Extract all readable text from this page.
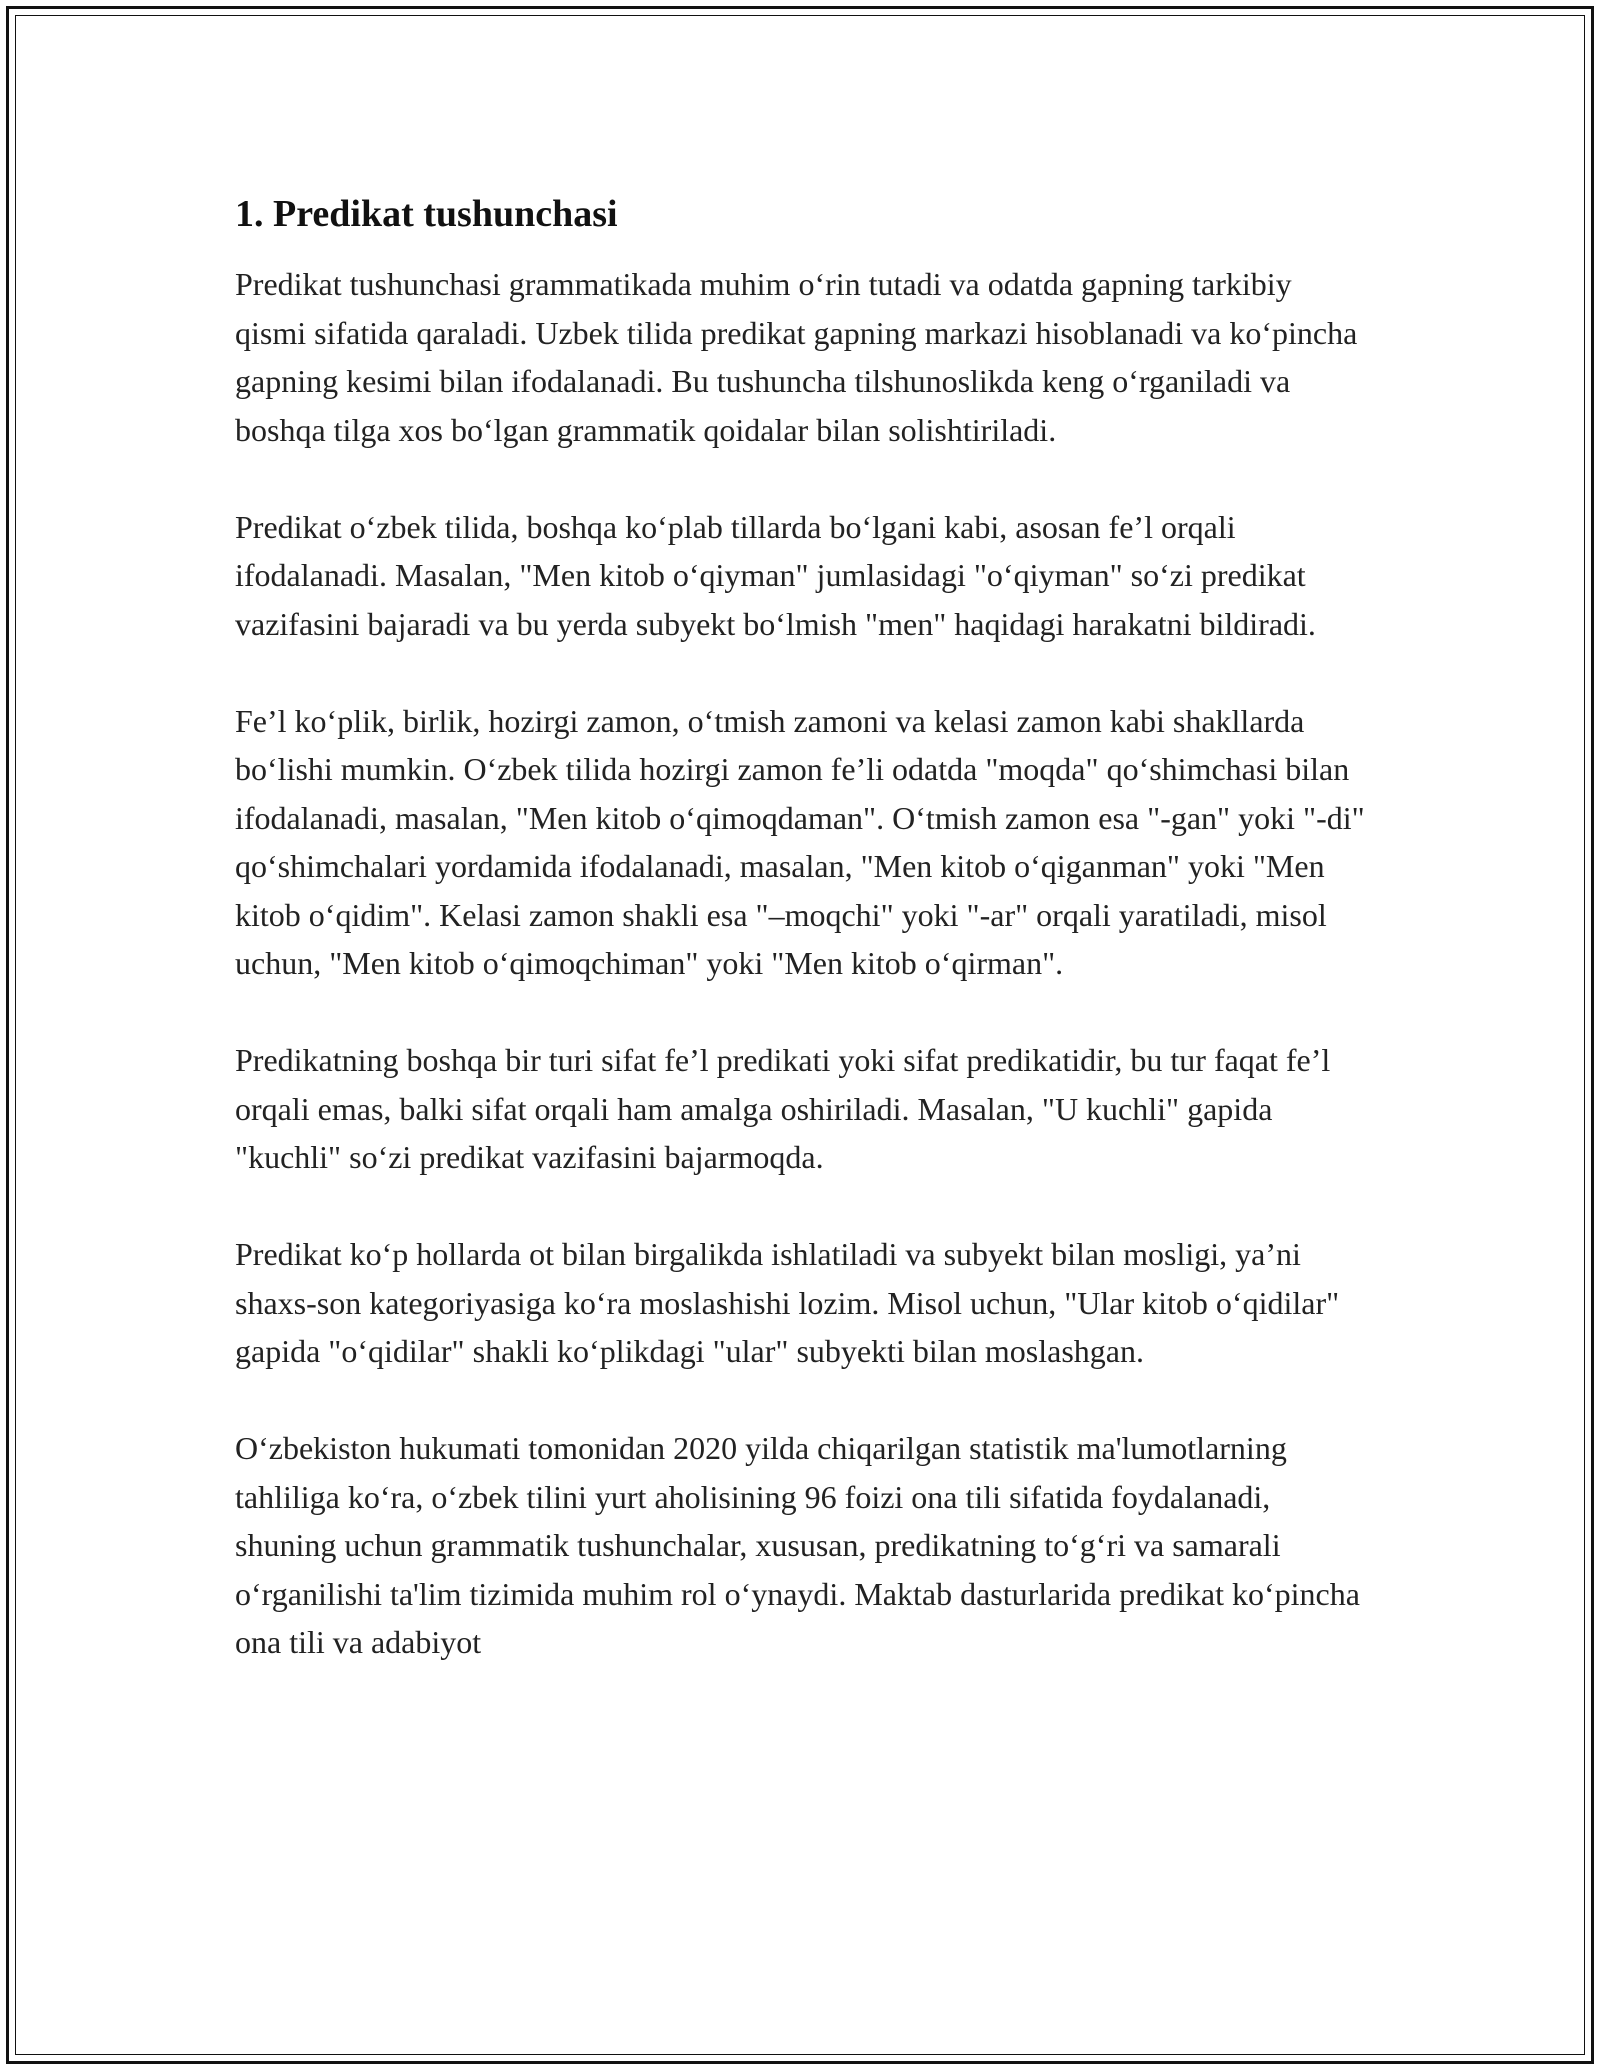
1. Predikat tushunchasi

Predikat tushunchasi grammatikada muhim o‘rin tutadi va odatda gapning tarkibiy qismi sifatida qaraladi. Uzbek tilida predikat gapning markazi hisoblanadi va ko‘pincha gapning kesimi bilan ifodalanadi. Bu tushuncha tilshunoslikda keng o‘rganiladi va boshqa tilga xos bo‘lgan grammatik qoidalar bilan solishtiriladi.

Predikat o‘zbek tilida, boshqa ko‘plab tillarda bo‘lgani kabi, asosan fe’l orqali ifodalanadi. Masalan, "Men kitob o‘qiyman" jumlasidagi "o‘qiyman" so‘zi predikat vazifasini bajaradi va bu yerda subyekt bo‘lmish "men" haqidagi harakatni bildiradi.

Fe’l ko‘plik, birlik, hozirgi zamon, o‘tmish zamoni va kelasi zamon kabi shakllarda bo‘lishi mumkin. O‘zbek tilida hozirgi zamon fe’li odatda "moqda" qo‘shimchasi bilan ifodalanadi, masalan, "Men kitob o‘qimoqdaman". O‘tmish zamon esa "-gan" yoki "-di" qo‘shimchalari yordamida ifodalanadi, masalan, "Men kitob o‘qiganman" yoki "Men kitob o‘qidim". Kelasi zamon shakli esa "–moqchi" yoki "-ar" orqali yaratiladi, misol uchun, "Men kitob o‘qimoqchiman" yoki "Men kitob o‘qirman".

Predikatning boshqa bir turi sifat fe’l predikati yoki sifat predikatidir, bu tur faqat fe’l orqali emas, balki sifat orqali ham amalga oshiriladi. Masalan, "U kuchli" gapida "kuchli" so‘zi predikat vazifasini bajarmoqda.

Predikat ko‘p hollarda ot bilan birgalikda ishlatiladi va subyekt bilan mosligi, ya’ni shaxs-son kategoriyasiga ko‘ra moslashishi lozim. Misol uchun, "Ular kitob o‘qidilar" gapida "o‘qidilar" shakli ko‘plikdagi "ular" subyekti bilan moslashgan.

O‘zbekiston hukumati tomonidan 2020 yilda chiqarilgan statistik ma'lumotlarning tahliliga ko‘ra, o‘zbek tilini yurt aholisining 96 foizi ona tili sifatida foydalanadi, shuning uchun grammatik tushunchalar, xususan, predikatning to‘g‘ri va samarali o‘rganilishi ta'lim tizimida muhim rol o‘ynaydi. Maktab dasturlarida predikat ko‘pincha ona tili va adabiyot
